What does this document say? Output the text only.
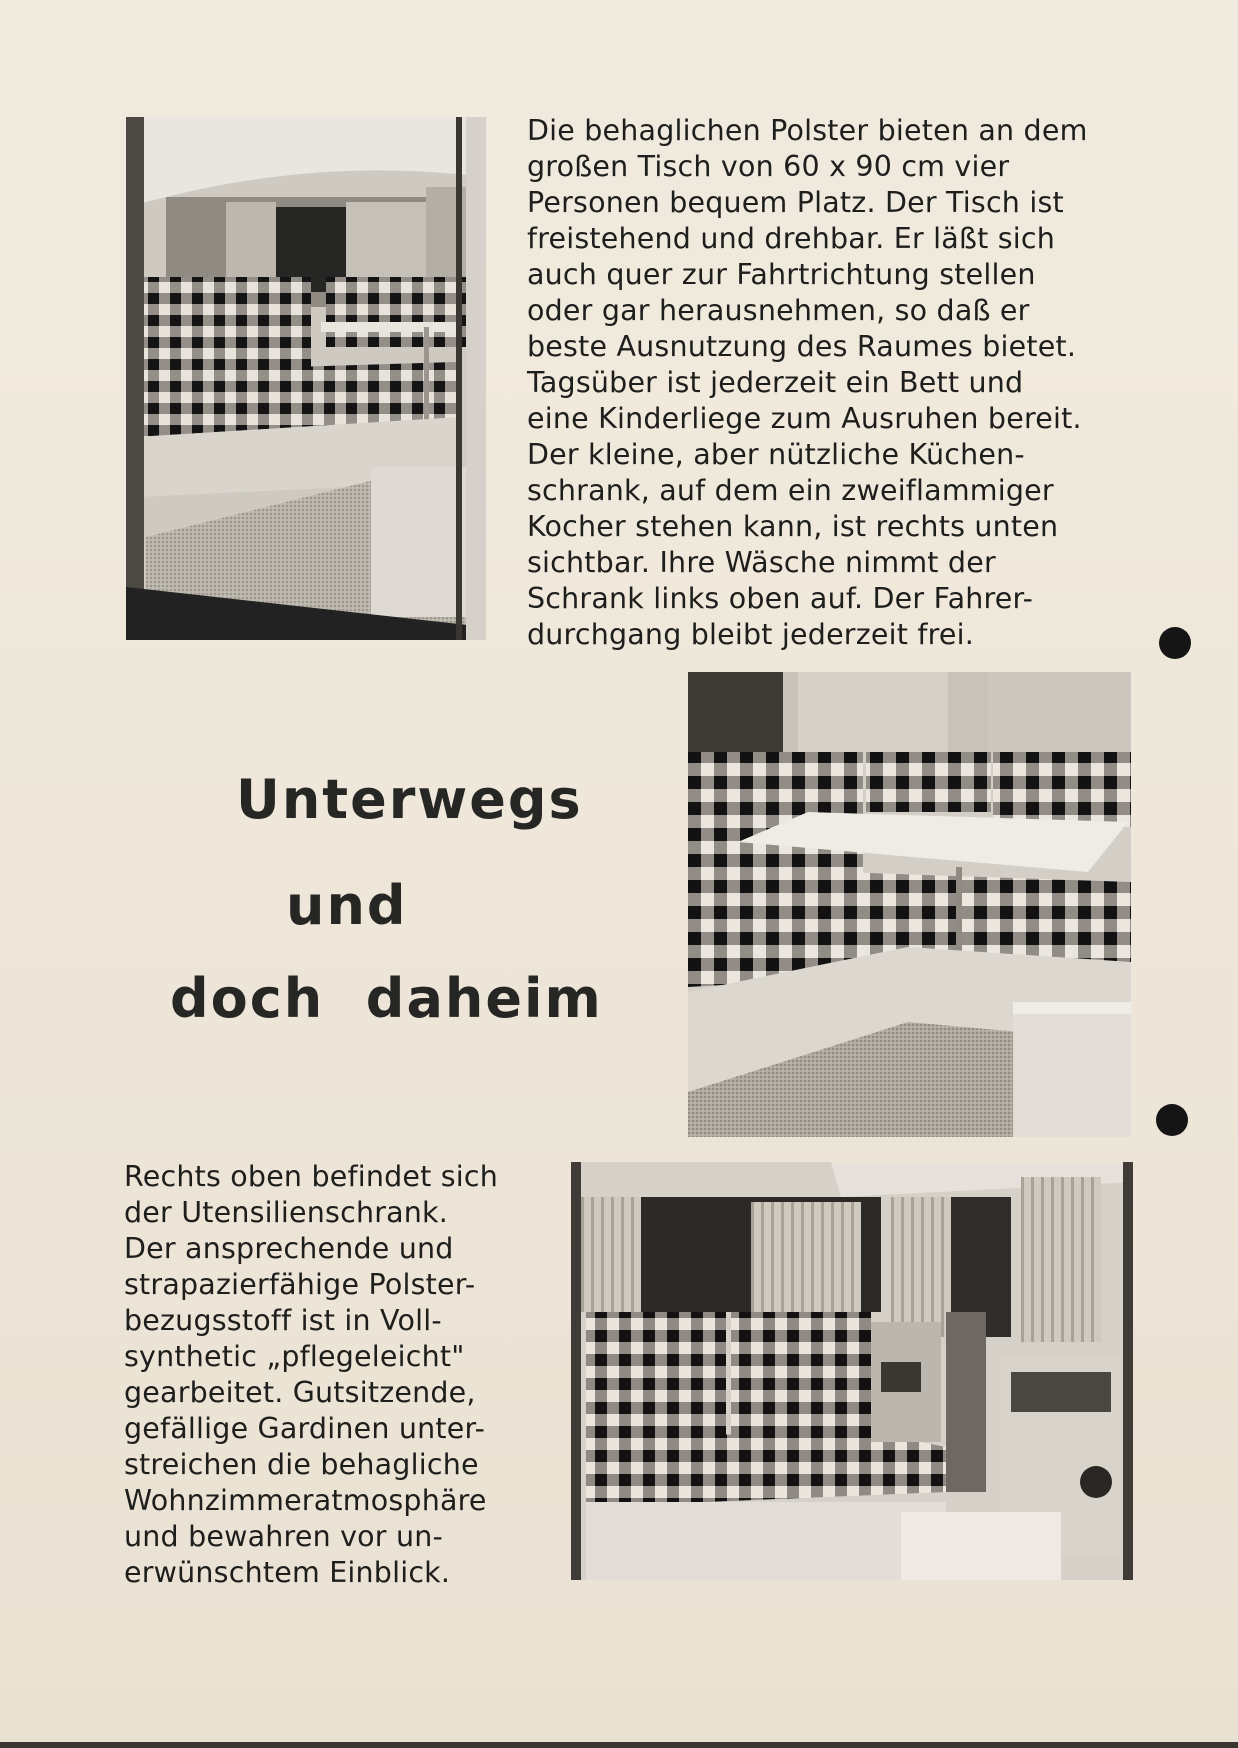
Die behaglichen Polster bieten an dem
großen Tisch von 60 x 90 cm vier
Personen bequem Platz. Der Tisch ist
freistehend und drehbar. Er läßt sich
auch quer zur Fahrtrichtung stellen
oder gar herausnehmen, so daß er
beste Ausnutzung des Raumes bietet.
Tagsüber ist jederzeit ein Bett und
eine Kinderliege zum Ausruhen bereit.
Der kleine, aber nützliche Küchen-
schrank, auf dem ein zweiflammiger
Kocher stehen kann, ist rechts unten
sichtbar. Ihre Wäsche nimmt der
Schrank links oben auf. Der Fahrer-
durchgang bleibt jederzeit frei.

Unterwegs
und
doch  daheim

Rechts oben befindet sich
der Utensilienschrank.
Der ansprechende und
strapazierfähige Polster-
bezugsstoff ist in Voll-
synthetic „pflegeleicht"
gearbeitet. Gutsitzende,
gefällige Gardinen unter-
streichen die behagliche
Wohnzimmeratmosphäre
und bewahren vor un-
erwünschtem Einblick.
